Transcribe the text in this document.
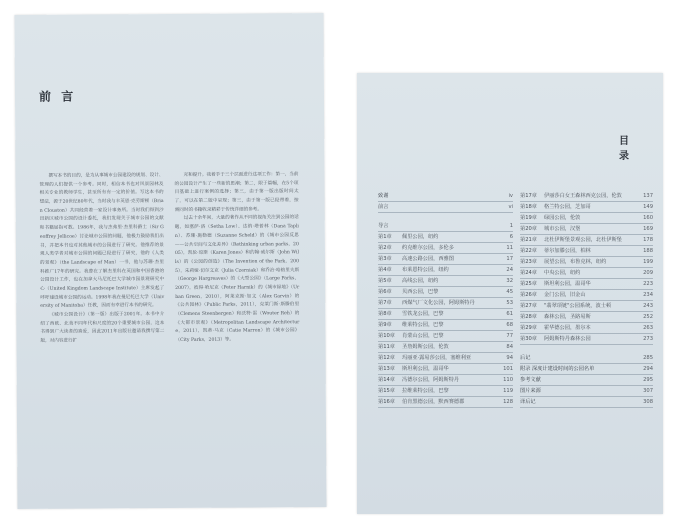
前 言

撰写本书的目的，是为从事城市公园建设的规划、设计、管理的人们提供一个参考。同时，相信本书也对风景园林及相关专业的教师学生，甚至所有有一定的价值。写这本书的想法，源于20世纪80年代，当时我与丰英恩·克劳斯顿（Brian Clouston）共同经营着一家设计事务所。当时我们得到沙田新区城市公园的设计委托，我们发现关于城市公园的文献和书籍屈指可数。1986年，我与杰弗里·杰里科爵士（Sir Geoffrey Jellicoe）讨论城市公园的问题，他极力鼓励我们出书，并把本书也对其他城市的公园进行了研究。他推荐的景观人类学者对城市公园的问题已经进行了研究，他的《人类的景观》（the Landscape of Man）一书，他与苏珊·杰里科推广17年的研究。我曾在了解杰里科在英国和中国香港的公园设计工作，也在加拿大马尼托巴大学城市园景观研究中心（United Kingdom Landscape Institute）主席发起了呼吁建设城市公园的运动。1998年我在曼尼托巴大学（University of Manitoba）任教，因而有幸进行本书的研究。

《城市公园设计》（第一版）出版于2001年。本书中介绍了西欧、北美不同年代和尺度的20个重要城市公园，这本书得到广大读者的喜爱，因此2011年出版社邀请我撰写第二版，对内容进行扩

充和提升。我着手于三个层面进行这项工作：第一，当前的公园设计产生了一些新的思潮；第二，限于篇幅，在5个项目基础上进行案例的选择；第三，由于第一版出版时间太了，可以在第二版中呈现；第三，由于第一版已经带着，按需同时的书籍收录精彩于传统详细的参考。

过去十余年间，大量的著作从不同的视角关注到公园的话题，如塞萨·洛（Setha Low）、达纳·塔普林（Dana Taplin）、苏珊·施勒德（Suzanne Scheld）的《城市公园反思——公共空间与文化差异》（Rethinking urban parks，2005），凯伦·琼斯（Karen Jones）和约翰·威尔斯（John Wills）的《公园的创造》（The Invention of the Park，2005），朱莉娅·切尔文克（Julia Czerniak）和乔治·哈格里夫斯（George Hargreaves）的《大型公园》（Large Parks，2007），彼得·哈尼克（Peter Harnik）的《城市绿地》（Urban Green，2010），阿莱克斯·加文（Alex Garvin）的《公共园林》（Public Parks，2011），克莱门斯·斯滕伯里（Clemens Steenbergen）和沃特·雷（Wouter Reh）的《大都市景观》（Metropolitan Landscape Architecture，2011），凯蒂·马克（Catie Marron）的《城市公园》（City Parks，2013）等。

目 录
致谢	iv
前言	vi
导言	1
第1章	佩里公园，纽约	6
第2章	约克维尔公园，多伦多	11
第3章	高速公路公园，西雅图	17
第4章	布莱恩特公园，纽约	24
第5章	高线公园，纽约	32
第6章	贝西公园，巴黎	45
第7章	西煤气厂文化公园，阿姆斯特丹	53
第8章	雪铁龙公园，巴黎	61
第9章	维莱特公园，巴黎	68
第10章	肖蒙山公园，巴黎	77
第11章	圣詹姆斯公园，伦敦	84
第12章	玛丽亚·露易莎公园，塞维利亚	94
第13章	斯坦利公园，温哥华	101
第14章	冯德尔公园，阿姆斯特丹	110
第15章	拉维莱特公园，巴黎	119
第16章	伯肯黑德公园，默西赛德郡	128
第17章	伊丽莎白女王森林西克公园，伦敦	137
第18章	格兰特公园，芝加哥	149
第19章	绿园公园，伦敦	160
第20章	城市公园，汉堡	169
第21章	北杜伊斯堡景观公园，北杜伊斯堡	178
第22章	蒂尔加滕公园，柏林	188
第23章	展望公园，布鲁克林，纽约	199
第24章	中央公园，纽约	209
第25章	斯坦利公园，温哥华	223
第26章	金门公园，旧金山	234
第27章	"翡翠项链"公园系统，波士顿	243
第28章	森林公园，圣路易斯	252
第29章	霍华德公园，墨尔本	263
第30章	阿姆斯特丹森林公园	273
后记	285
附录 深度计建设时间的公园名单	294
参考文献	295
图片来源	307
译后记	308
